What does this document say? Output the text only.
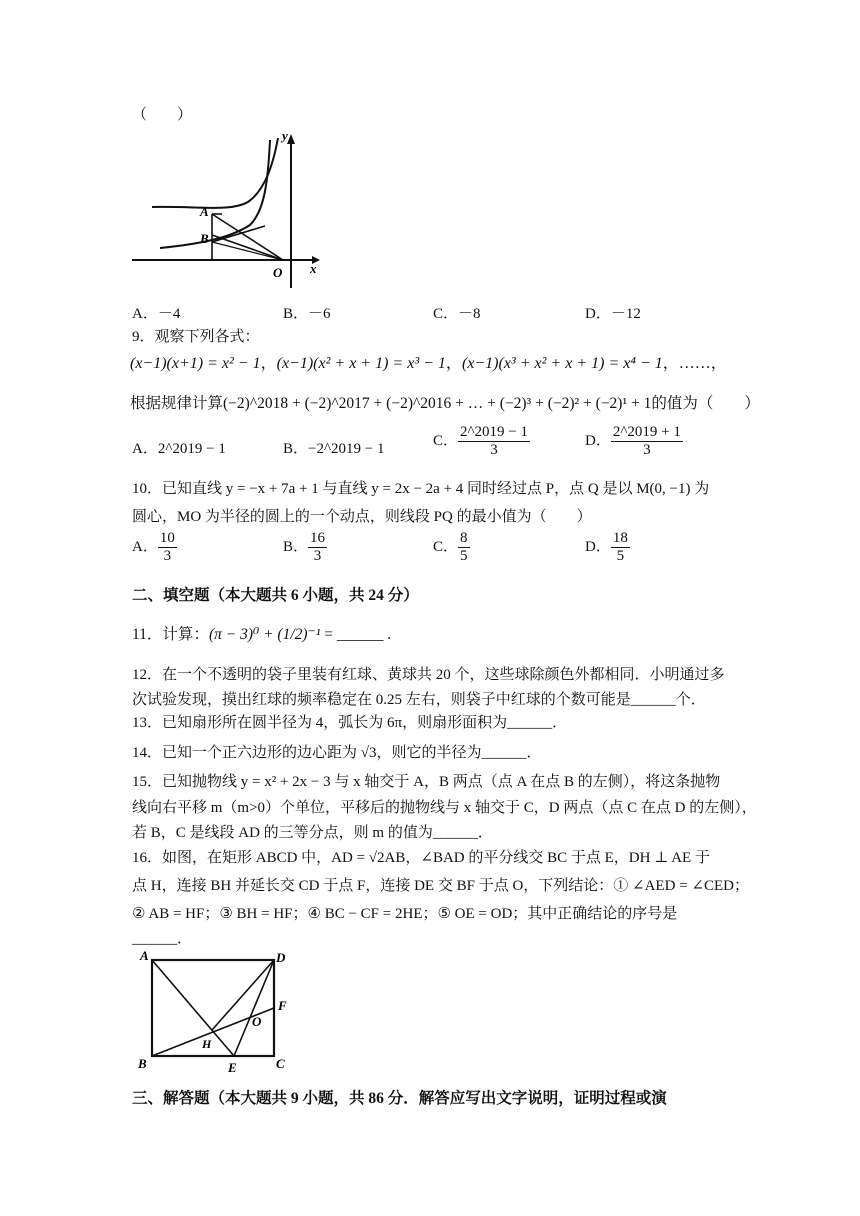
（　　）
A
B
O x
y
A．－4	B．－6	C．－8	D．－12
9．观察下列各式：
(x−1)(x+1) = x² − 1，(x−1)(x² + x + 1) = x³ − 1，(x−1)(x³ + x² + x + 1) = x⁴ − 1，……，
根据规律计算(−2)^2018 + (−2)^2017 + (−2)^2016 + … + (−2)³ + (−2)² + (−2)¹ + 1的值为（　　）
A．2^2019 − 1	B．−2^2019 − 1	C． $\frac{2\^{}2019 - 1}{3}$	D． $\frac{2\^{}2019 + 1}{3}$
10．已知直线 y = −x + 7a + 1 与直线 y = 2x − 2a + 4 同时经过点 P，点 Q 是以 M(0, −1) 为
圆心，MO 为半径的圆上的一个动点，则线段 PQ 的最小值为（　　）
A． $\frac{10}{3}$	B． $\frac{16}{3}$	C． $\frac{8}{5}$	D． $\frac{18}{5}$
二、填空题（本大题共 6 小题，共 24 分）
11．计算：(π − 3)⁰ + (1/2)⁻¹ = ______ .
12．在一个不透明的袋子里装有红球、黄球共 20 个，这些球除颜色外都相同．小明通过多
次试验发现，摸出红球的频率稳定在 0.25 左右，则袋子中红球的个数可能是______个．
13．已知扇形所在圆半径为 4，弧长为 6π，则扇形面积为______．
14．已知一个正六边形的边心距为 √3，则它的半径为______．
15．已知抛物线 y = x² + 2x − 3 与 x 轴交于 A，B 两点（点 A 在点 B 的左侧），将这条抛物
线向右平移 m（m>0）个单位，平移后的抛物线与 x 轴交于 C，D 两点（点 C 在点 D 的左侧），
若 B，C 是线段 AD 的三等分点，则 m 的值为______．
16．如图，在矩形 ABCD 中，AD = √2AB，∠BAD 的平分线交 BC 于点 E，DH ⊥ AE 于
点 H，连接 BH 并延长交 CD 于点 F，连接 DE 交 BF 于点 O，下列结论：① ∠AED = ∠CED；
② AB = HF；③ BH = HF；④ BC − CF = 2HE；⑤ OE = OD；其中正确结论的序号是
______．
A	D
B	C
E
F
H
O
三、解答题（本大题共 9 小题，共 86 分．解答应写出文字说明，证明过程或演
